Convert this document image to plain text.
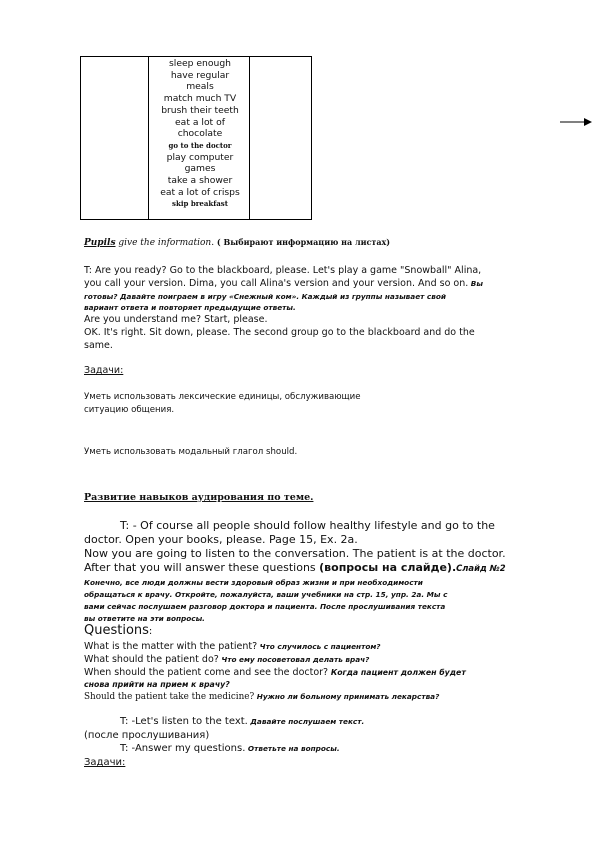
sleep enough
have regular
meals
match much TV
brush their teeth
eat a lot of
chocolate
go to the doctor
play computer
games
take a shower
eat a lot of crisps
skip breakfast
Pupils give the information. ( Выбирают информацию на листах)
T: Are you ready? Go to the blackboard, please. Let's play a game "Snowball" Alina,
you call your version. Dima, you call Alina's version and your version. And so on. Вы
готовы? Давайте поиграем в игру «Снежный ком». Каждый из группы называет свой
вариант ответа и повторяет предыдущие ответы.
Are you understand me? Start, please.
OK. It's right. Sit down, please. The second group go to the blackboard and do the
same.
Задачи:
Уметь использовать лексические единицы, обслуживающие
ситуацию общения.
Уметь использовать модальный глагол should.
Развитие навыков аудирования по теме.
T: - Of course all people should follow healthy lifestyle and go to the
doctor. Open your books, please. Page 15, Ex. 2a.
Now you are going to listen to the conversation. The patient is at the doctor.
After that you will answer these questions (вопросы на слайде).Слайд №2
Конечно, все люди должны вести здоровый образ жизни и при необходимости
обращаться к врачу. Откройте, пожалуйста, ваши учебники на стр. 15, упр. 2а. Мы с
вами сейчас послушаем разговор доктора и пациента. После прослушивания текста
вы ответите на эти вопросы.
Questions:
What is the matter with the patient? Что случилось с пациентом?
What should the patient do? Что ему посоветовал делать врач?
When should the patient come and see the doctor? Когда пациент должен будет
снова прийти на прием к врачу?
Should the patient take the medicine? Нужно ли больному принимать лекарства?
T: -Let's listen to the text. Давайте послушаем текст.
(после прослушивания)
T: -Answer my questions. Ответьте на вопросы.
Задачи:
